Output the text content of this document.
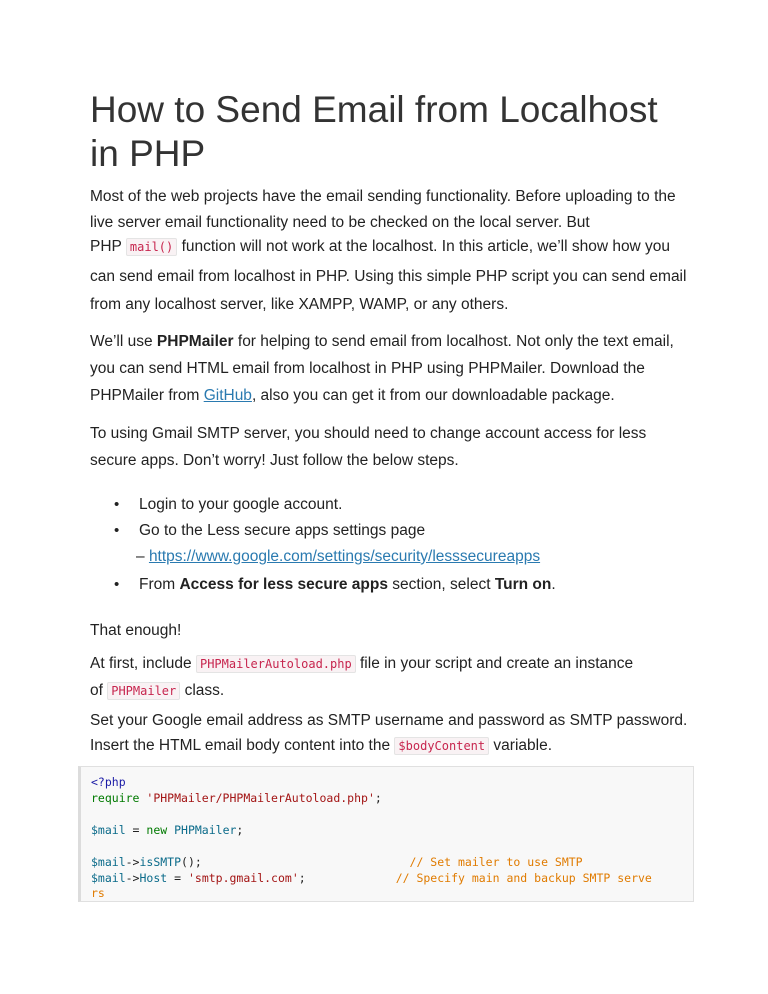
How to Send Email from Localhost in PHP
Most of the web projects have the email sending functionality. Before uploading to the
live server email functionality need to be checked on the local server. But
PHP mail() function will not work at the localhost. In this article, we’ll show how you
can send email from localhost in PHP. Using this simple PHP script you can send email
from any localhost server, like XAMPP, WAMP, or any others.
We’ll use PHPMailer for helping to send email from localhost. Not only the text email,
you can send HTML email from localhost in PHP using PHPMailer. Download the
PHPMailer from GitHub, also you can get it from our downloadable package.
To using Gmail SMTP server, you should need to change account access for less
secure apps. Don’t worry! Just follow the below steps.
• Login to your google account.
• Go to the Less secure apps settings page
– https://www.google.com/settings/security/lesssecureapps
• From Access for less secure apps section, select Turn on.
That enough!
At first, include PHPMailerAutoload.php file in your script and create an instance
of PHPMailer class.
Set your Google email address as SMTP username and password as SMTP password.
Insert the HTML email body content into the $bodyContent variable.
<?php
require 'PHPMailer/PHPMailerAutoload.php';
$mail = new PHPMailer;
$mail->isSMTP();                              // Set mailer to use SMTP
$mail->Host = 'smtp.gmail.com';             // Specify main and backup SMTP serve
rs
